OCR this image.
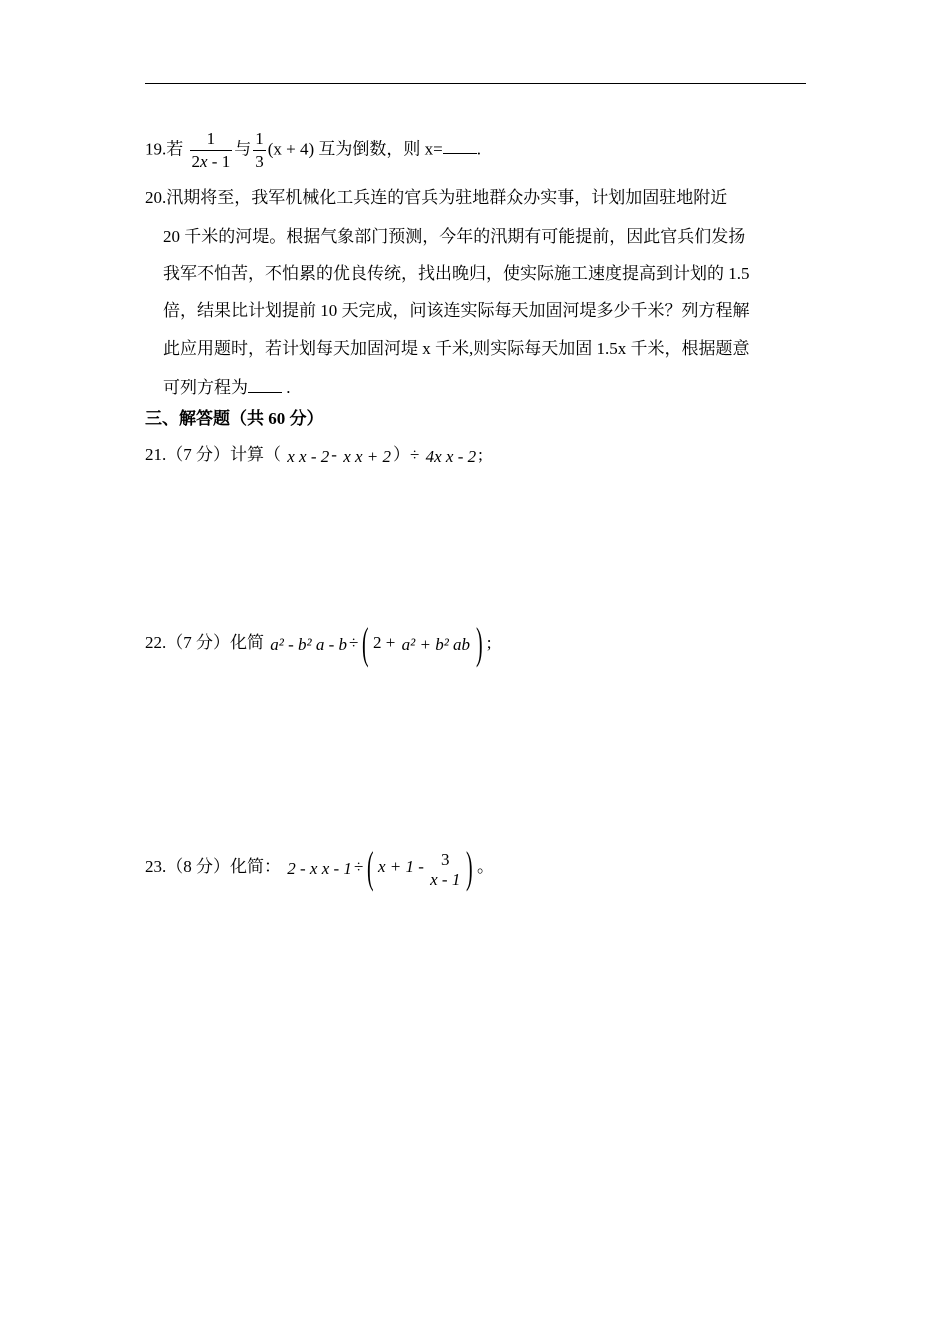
19.若 $\frac{1}{2x - 1}$ 与 $\frac{1}{3} (x + 4)$ 互为倒数，则 x= .
20.汛期将至，我军机械化工兵连的官兵为驻地群众办实事，计划加固驻地附近
20 千米的河堤。根据气象部门预测，今年的汛期有可能提前，因此官兵们发扬
我军不怕苦，不怕累的优良传统，找出晚归，使实际施工速度提高到计划的 1.5
倍，结果比计划提前 10 天完成，问该连实际每天加固河堤多少千米？列方程解
此应用题时，若计划每天加固河堤 x 千米,则实际每天加固 1.5x 千米，根据题意
可列方程为 .
三、解答题（共 60 分）
21.（7 分）计算（ x x - 2 - x x + 2 ）÷ 4x x - 2 ;
22.（7 分）化简 a² - b² a - b ÷( 2 + a² + b² ab ) ;
23.（8 分）化简： 2 - x x - 1 ÷( x + 1 -	3
x - 1 ) 。
